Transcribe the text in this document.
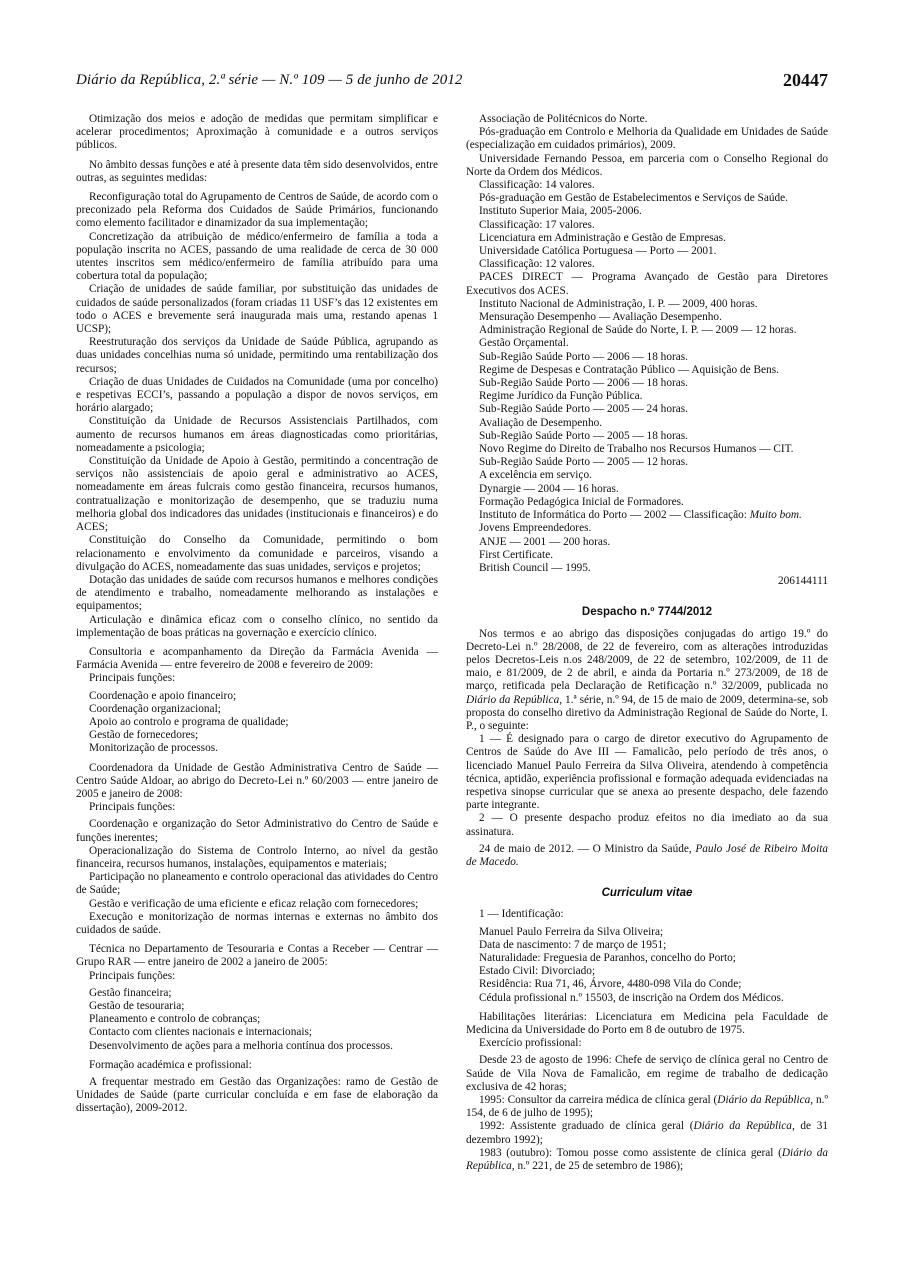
Diário da República, 2.ª série — N.º 109 — 5 de junho de 2012	20447

Otimização dos meios e adoção de medidas que permitam simplificar e acelerar procedimentos; Aproximação à comunidade e a outros serviços públicos.

No âmbito dessas funções e até à presente data têm sido desenvolvidos, entre outras, as seguintes medidas:

Reconfiguração total do Agrupamento de Centros de Saúde, de acordo com o preconizado pela Reforma dos Cuidados de Saúde Primários, funcionando como elemento facilitador e dinamizador da sua implementação;

Concretização da atribuição de médico/enfermeiro de família a toda a população inscrita no ACES, passando de uma realidade de cerca de 30 000 utentes inscritos sem médico/enfermeiro de família atribuído para uma cobertura total da população;

Criação de unidades de saúde familiar, por substituição das unidades de cuidados de saúde personalizados (foram criadas 11 USF’s das 12 existentes em todo o ACES e brevemente será inaugurada mais uma, restando apenas 1 UCSP);

Reestruturação dos serviços da Unidade de Saúde Pública, agrupando as duas unidades concelhias numa só unidade, permitindo uma rentabilização dos recursos;

Criação de duas Unidades de Cuidados na Comunidade (uma por concelho) e respetivas ECCI’s, passando a população a dispor de novos serviços, em horário alargado;

Constituição da Unidade de Recursos Assistenciais Partilhados, com aumento de recursos humanos em áreas diagnosticadas como prioritárias, nomeadamente a psicologia;

Constituição da Unidade de Apoio à Gestão, permitindo a concentração de serviços não assistenciais de apoio geral e administrativo ao ACES, nomeadamente em áreas fulcrais como gestão financeira, recursos humanos, contratualização e monitorização de desempenho, que se traduziu numa melhoria global dos indicadores das unidades (institucionais e financeiros) e do ACES;

Constituição do Conselho da Comunidade, permitindo o bom relacionamento e envolvimento da comunidade e parceiros, visando a divulgação do ACES, nomeadamente das suas unidades, serviços e projetos;

Dotação das unidades de saúde com recursos humanos e melhores condições de atendimento e trabalho, nomeadamente melhorando as instalações e equipamentos;

Articulação e dinâmica eficaz com o conselho clínico, no sentido da implementação de boas práticas na governação e exercício clínico.

Consultoria e acompanhamento da Direção da Farmácia Avenida — Farmácia Avenida — entre fevereiro de 2008 e fevereiro de 2009:

Principais funções:

Coordenação e apoio financeiro;

Coordenação organizacional;

Apoio ao controlo e programa de qualidade;

Gestão de fornecedores;

Monitorização de processos.

Coordenadora da Unidade de Gestão Administrativa Centro de Saúde — Centro Saúde Aldoar, ao abrigo do Decreto-Lei n.º 60/2003 — entre janeiro de 2005 e janeiro de 2008:

Principais funções:

Coordenação e organização do Setor Administrativo do Centro de Saúde e funções inerentes;

Operacionalização do Sistema de Controlo Interno, ao nível da gestão financeira, recursos humanos, instalações, equipamentos e materiais;

Participação no planeamento e controlo operacional das atividades do Centro de Saúde;

Gestão e verificação de uma eficiente e eficaz relação com fornecedores;

Execução e monitorização de normas internas e externas no âmbito dos cuidados de saúde.

Técnica no Departamento de Tesouraria e Contas a Receber — Centrar — Grupo RAR — entre janeiro de 2002 a janeiro de 2005:

Principais funções:

Gestão financeira;

Gestão de tesouraria;

Planeamento e controlo de cobranças;

Contacto com clientes nacionais e internacionais;

Desenvolvimento de ações para a melhoria contínua dos processos.

Formação académica e profissional:

A frequentar mestrado em Gestão das Organizações: ramo de Gestão de Unidades de Saúde (parte curricular concluída e em fase de elaboração da dissertação), 2009-2012.

Associação de Politécnicos do Norte.

Pós-graduação em Controlo e Melhoria da Qualidade em Unidades de Saúde (especialização em cuidados primários), 2009.

Universidade Fernando Pessoa, em parceria com o Conselho Regional do Norte da Ordem dos Médicos.

Classificação: 14 valores.

Pós-graduação em Gestão de Estabelecimentos e Serviços de Saúde.

Instituto Superior Maia, 2005-2006.

Classificação: 17 valores.

Licenciatura em Administração e Gestão de Empresas.

Universidade Católica Portuguesa — Porto — 2001.

Classificação: 12 valores.

PACES DIRECT — Programa Avançado de Gestão para Diretores Executivos dos ACES.

Instituto Nacional de Administração, I. P. — 2009, 400 horas.

Mensuração Desempenho — Avaliação Desempenho.

Administração Regional de Saúde do Norte, I. P. — 2009 — 12 horas.

Gestão Orçamental.

Sub-Região Saúde Porto — 2006 — 18 horas.

Regime de Despesas e Contratação Público — Aquisição de Bens.

Sub-Região Saúde Porto — 2006 — 18 horas.

Regime Jurídico da Função Pública.

Sub-Região Saúde Porto — 2005 — 24 horas.

Avaliação de Desempenho.

Sub-Região Saúde Porto — 2005 — 18 horas.

Novo Regime do Direito de Trabalho nos Recursos Humanos — CIT.

Sub-Região Saúde Porto — 2005 — 12 horas.

A excelência em serviço.

Dynargie — 2004 — 16 horas.

Formação Pedagógica Inicial de Formadores.

Instituto de Informática do Porto — 2002 — Classificação: Muito bom.

Jovens Empreendedores.

ANJE — 2001 — 200 horas.

First Certificate.

British Council — 1995.

206144111

Despacho n.º 7744/2012

Nos termos e ao abrigo das disposições conjugadas do artigo 19.º do Decreto-Lei n.º 28/2008, de 22 de fevereiro, com as alterações introduzidas pelos Decretos-Leis n.os 248/2009, de 22 de setembro, 102/2009, de 11 de maio, e 81/2009, de 2 de abril, e ainda da Portaria n.º 273/2009, de 18 de março, retificada pela Declaração de Retificação n.º 32/2009, publicada no Diário da República, 1.ª série, n.º 94, de 15 de maio de 2009, determina-se, sob proposta do conselho diretivo da Administração Regional de Saúde do Norte, I. P., o seguinte:

1 — É designado para o cargo de diretor executivo do Agrupamento de Centros de Saúde do Ave III — Famalicão, pelo período de três anos, o licenciado Manuel Paulo Ferreira da Silva Oliveira, atendendo à competência técnica, aptidão, experiência profissional e formação adequada evidenciadas na respetiva sinopse curricular que se anexa ao presente despacho, dele fazendo parte integrante.

2 — O presente despacho produz efeitos no dia imediato ao da sua assinatura.

24 de maio de 2012. — O Ministro da Saúde, Paulo José de Ribeiro Moita de Macedo.

Curriculum vitae

1 — Identificação:

Manuel Paulo Ferreira da Silva Oliveira;

Data de nascimento: 7 de março de 1951;

Naturalidade: Freguesia de Paranhos, concelho do Porto;

Estado Civil: Divorciado;

Residência: Rua 71, 46, Árvore, 4480-098 Vila do Conde;

Cédula profissional n.º 15503, de inscrição na Ordem dos Médicos.

Habilitações literárias: Licenciatura em Medicina pela Faculdade de Medicina da Universidade do Porto em 8 de outubro de 1975.

Exercício profissional:

Desde 23 de agosto de 1996: Chefe de serviço de clínica geral no Centro de Saúde de Vila Nova de Famalicão, em regime de trabalho de dedicação exclusiva de 42 horas;

1995: Consultor da carreira médica de clínica geral (Diário da República, n.º 154, de 6 de julho de 1995);

1992: Assistente graduado de clínica geral (Diário da República, de 31 dezembro 1992);

1983 (outubro): Tomou posse como assistente de clínica geral (Diário da República, n.º 221, de 25 de setembro de 1986);
